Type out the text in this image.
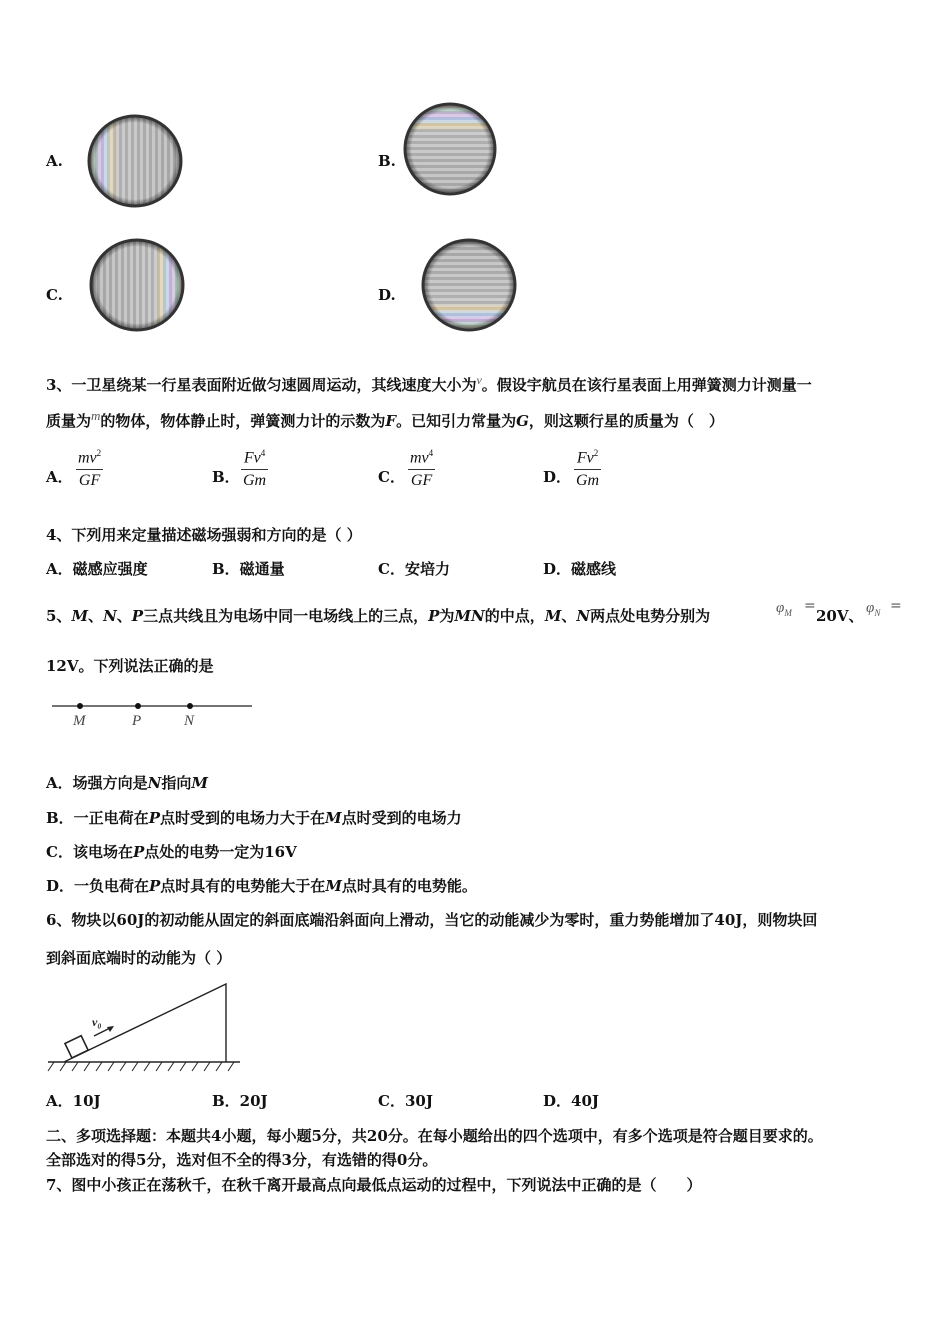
A.	B.
C.	D.
3、一卫星绕某一行星表面附近做匀速圆周运动，其线速度大小为$^v$。假设宇航员在该行星表面上用弹簧测力计测量一
质量为$^m$的物体，物体静止时，弹簧测力计的示数为F。已知引力常量为G，则这颗行星的质量为（　）
A． $\frac{mv^2}{GF}$	B． $\frac{Fv^4}{Gm}$	C． $\frac{mv^4}{GF}$	D． $\frac{Fv^2}{Gm}$
4、下列用来定量描述磁场强弱和方向的是（ ）
A．磁感应强度	B．磁通量	C．安培力	D．磁感线
5、M、N、P三点共线且为电场中同一电场线上的三点，P为MN的中点，M、N两点处电势分别为	$\varphi_M$ =
20V、 $\varphi_N$ =
12V。下列说法正确的是
M	P	N
A．场强方向是N指向M
B．一正电荷在P点时受到的电场力大于在M点时受到的电场力
C．该电场在P点处的电势一定为16V
D．一负电荷在P点时具有的电势能大于在M点时具有的电势能。
6、物块以60J的初动能从固定的斜面底端沿斜面向上滑动，当它的动能减少为零时，重力势能增加了40J，则物块回
到斜面底端时的动能为（ ）
v₀
A．10J	B．20J	C．30J	D．40J
二、多项选择题：本题共4小题，每小题5分，共20分。在每小题给出的四个选项中，有多个选项是符合题目要求的。
全部选对的得5分，选对但不全的得3分，有选错的得0分。
7、图中小孩正在荡秋千，在秋千离开最高点向最低点运动的过程中，下列说法中正确的是（　　）
